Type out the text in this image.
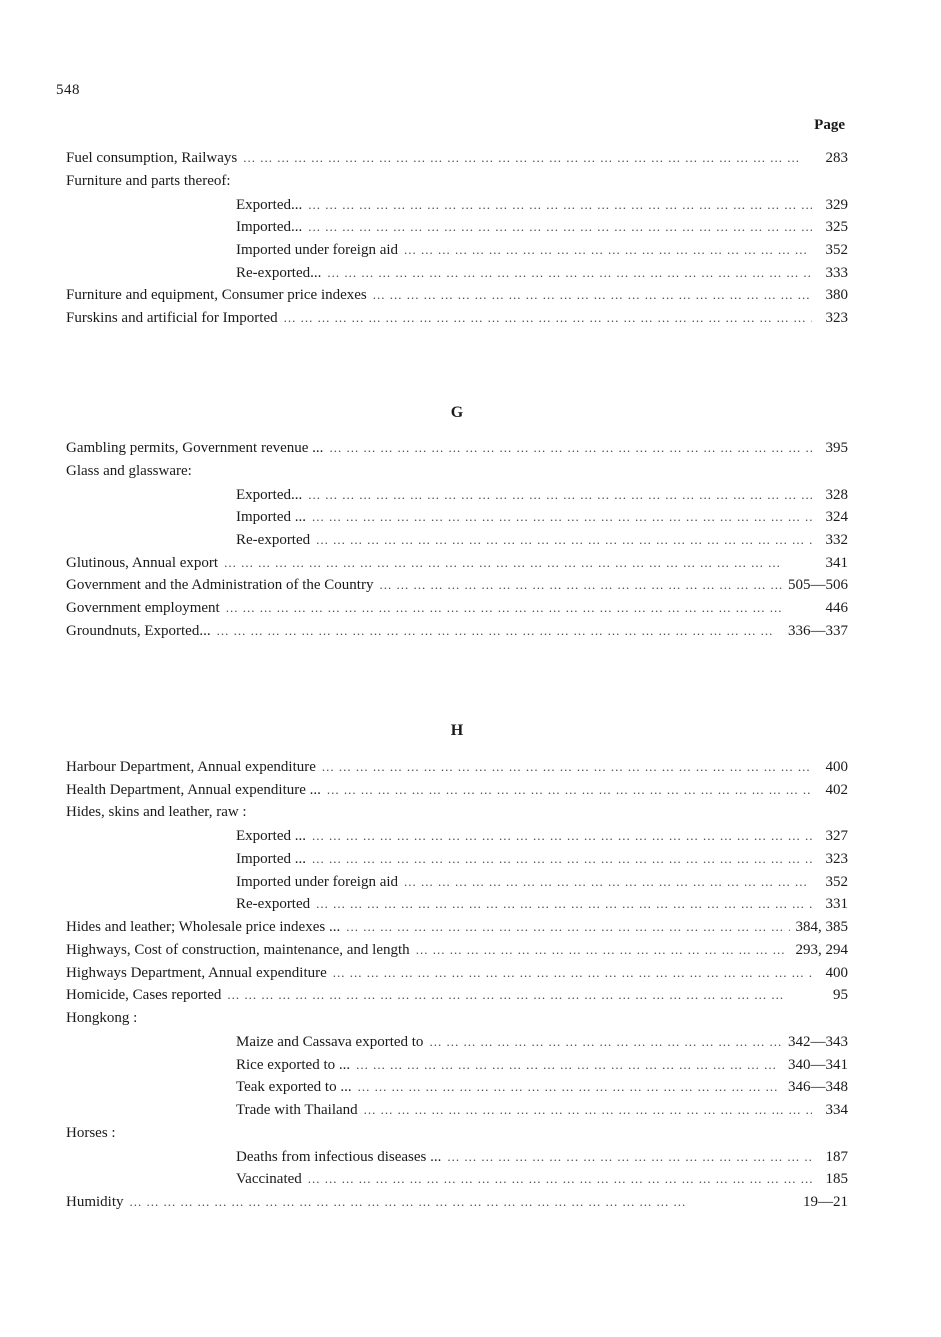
548
Page
Fuel consumption, Railways ... .	283
Furniture and parts thereof:
Exported... ... .	329
Imported... ... .	325
Imported under foreign aid ... .	352
Re-exported... ... .	333
Furniture and equipment, Consumer price indexes ... .	380
Furskins and artificial for Imported ... .	323
G
Gambling permits, Government revenue ... ... .	395
Glass and glassware:
Exported... ... .	328
Imported ... ... .	324
Re-exported ... .	332
Glutinous, Annual export ... .	341
Government and the Administration of the Country ... .	505—506
Government employment ... .	446
Groundnuts, Exported... ... .	336—337
H
Harbour Department, Annual expenditure ... .	400
Health Department, Annual expenditure ... ... .	402
Hides, skins and leather, raw :
Exported ... ... .	327
Imported ... ... .	323
Imported under foreign aid ... .	352
Re-exported ... .	331
Hides and leather; Wholesale price indexes ... ... .	384, 385
Highways, Cost of construction, maintenance, and length ... .	293, 294
Highways Department, Annual expenditure ... .	400
Homicide, Cases reported ... .	95
Hongkong :
Maize and Cassava exported to ... .	342—343
Rice exported to ... ... .	340—341
Teak exported to ... ... .	346—348
Trade with Thailand ... .	334
Horses :
Deaths from infectious diseases ... ... .	187
Vaccinated ... .	185
Humidity ... .	19—21
